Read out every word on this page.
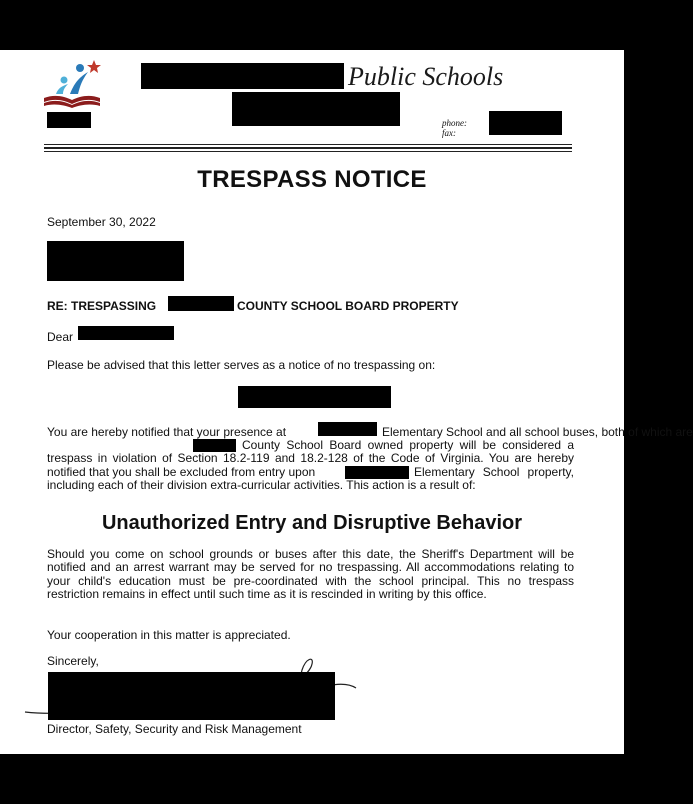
Public Schools
phone:
fax:
TRESPASS NOTICE
September 30, 2022
RE: TRESPASSING	COUNTY SCHOOL BOARD PROPERTY
Dear
Please be advised that this letter serves as a notice of no trespassing on:
You are hereby notified that your presence at	Elementary School and all school buses, both of which are
County School Board owned property will be considered a trespass in violation of Section 18.2-119 and 18.2-128 of the Code of Virginia. You are hereby notified that you shall be excluded from entry upon	Elementary School property, including each of their division extra-curricular activities. This action is a result of:
Unauthorized Entry and Disruptive Behavior
Should you come on school grounds or buses after this date, the Sheriff's Department will be notified and an arrest warrant may be served for no trespassing. All accommodations relating to your child's education must be pre-coordinated with the school principal. This no trespass restriction remains in effect until such time as it is rescinded in writing by this office.
Your cooperation in this matter is appreciated.
Sincerely,
Director, Safety, Security and Risk Management
